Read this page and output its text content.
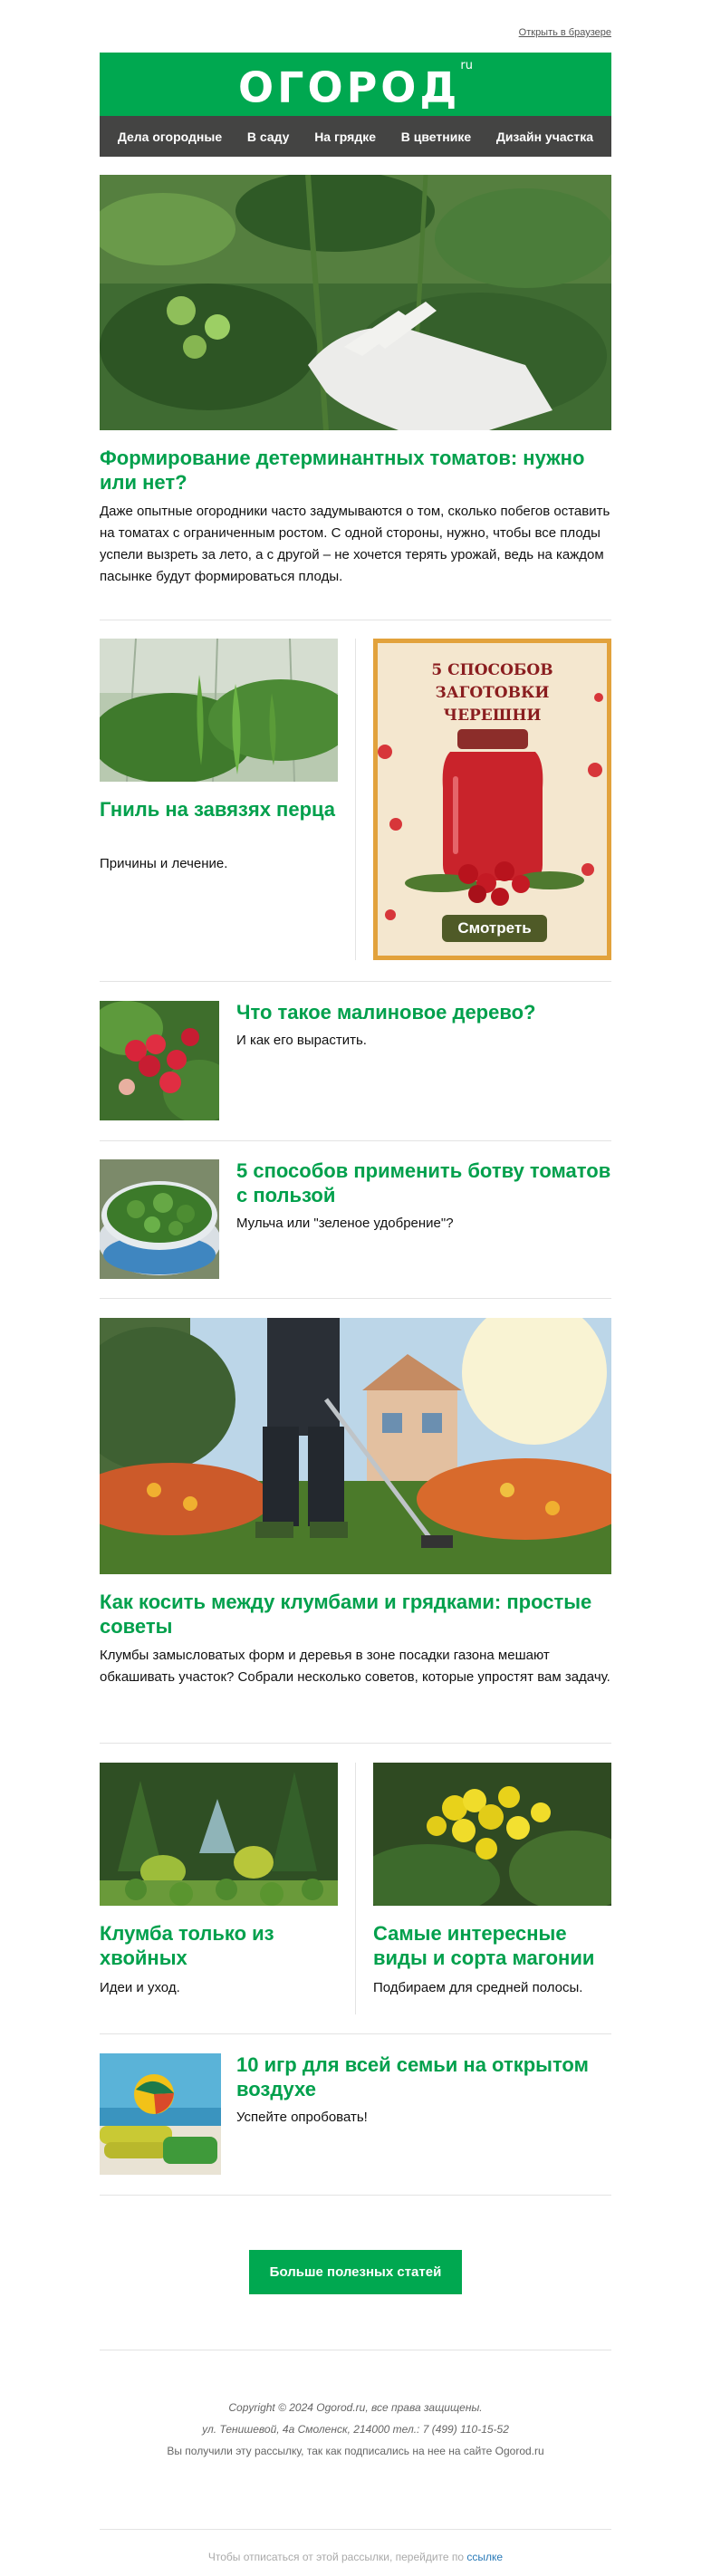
Открыть в браузере
$ОГОРОД^{ru}$
Дела огородные В саду На грядке В цветнике Дизайн участка
Формирование детерминантных томатов: нужно или нет?
Даже опытные огородники часто задумываются о том, сколько побегов оставить на томатах с ограниченным ростом. С одной стороны, нужно, чтобы все плоды успели вызреть за лето, а с другой – не хочется терять урожай, ведь на каждом пасынке будут формироваться плоды.
Гниль на завязях перца
Причины и лечение.
5 СПОСОБОВ ЗАГОТОВКИ
ЧЕРЕШНИ
Смотреть
Что такое малиновое дерево?
И как его вырастить.
5 способов применить ботву томатов с пользой
Мульча или "зеленое удобрение"?
Как косить между клумбами и грядками: простые советы
Клумбы замысловатых форм и деревья в зоне посадки газона мешают обкашивать участок? Собрали несколько советов, которые упростят вам задачу.
Клумба только из хвойных
Идеи и уход.
Самые интересные виды и сорта магонии
Подбираем для средней полосы.
10 игр для всей семьи на открытом воздухе
Успейте опробовать!
Больше полезных статей
Copyright © 2024 Ogorod.ru, все права защищены.
ул. Тенишевой, 4а Смоленск, 214000 тел.: 7 (499) 110-15-52
Вы получили эту рассылку, так как подписались на нее на сайте Ogorod.ru
Чтобы отписаться от этой рассылки, перейдите по ссылке
